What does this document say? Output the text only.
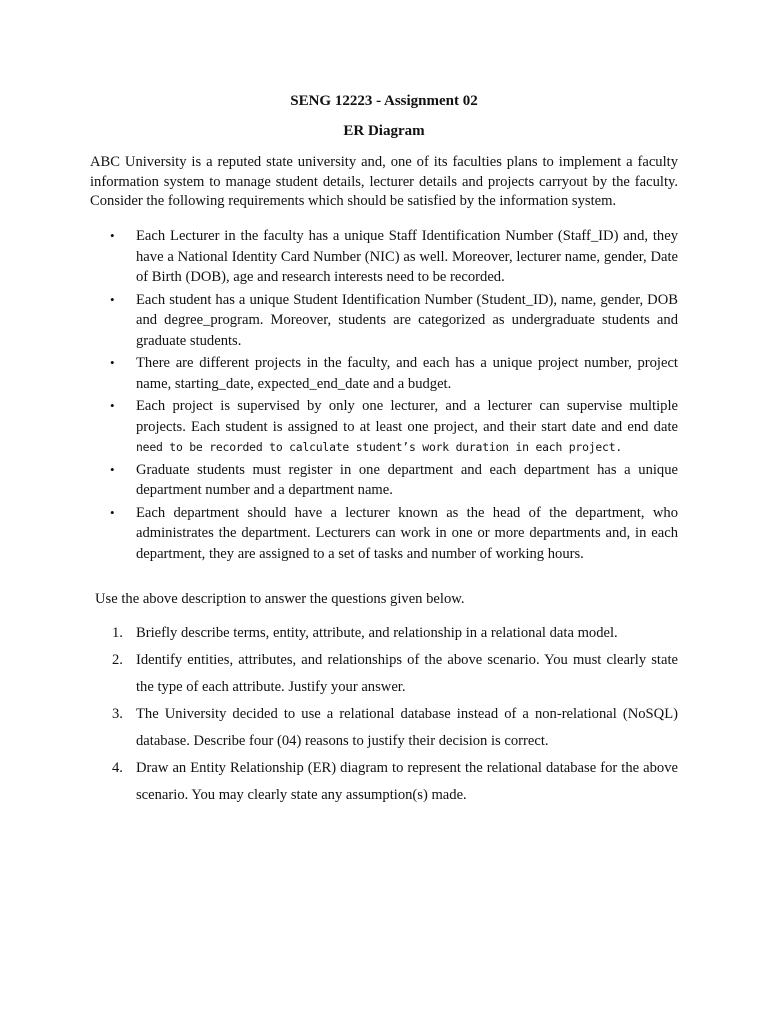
SENG 12223 - Assignment 02
ER Diagram
ABC University is a reputed state university and, one of its faculties plans to implement a faculty information system to manage student details, lecturer details and projects carryout by the faculty. Consider the following requirements which should be satisfied by the information system.
• Each Lecturer in the faculty has a unique Staff Identification Number (Staff_ID) and, they have a National Identity Card Number (NIC) as well. Moreover, lecturer name, gender, Date of Birth (DOB), age and research interests need to be recorded.
• Each student has a unique Student Identification Number (Student_ID), name, gender, DOB and degree_program. Moreover, students are categorized as undergraduate students and graduate students.
• There are different projects in the faculty, and each has a unique project number, project name, starting_date, expected_end_date and a budget.
• Each project is supervised by only one lecturer, and a lecturer can supervise multiple projects. Each student is assigned to at least one project, and their start date and end date need to be recorded to calculate student’s work duration in each project.
• Graduate students must register in one department and each department has a unique department number and a department name.
• Each department should have a lecturer known as the head of the department, who administrates the department. Lecturers can work in one or more departments and, in each department, they are assigned to a set of tasks and number of working hours.
Use the above description to answer the questions given below.
1. Briefly describe terms, entity, attribute, and relationship in a relational data model.
2. Identify entities, attributes, and relationships of the above scenario. You must clearly state the type of each attribute. Justify your answer.
3. The University decided to use a relational database instead of a non-relational (NoSQL) database. Describe four (04) reasons to justify their decision is correct.
4. Draw an Entity Relationship (ER) diagram to represent the relational database for the above scenario. You may clearly state any assumption(s) made.
